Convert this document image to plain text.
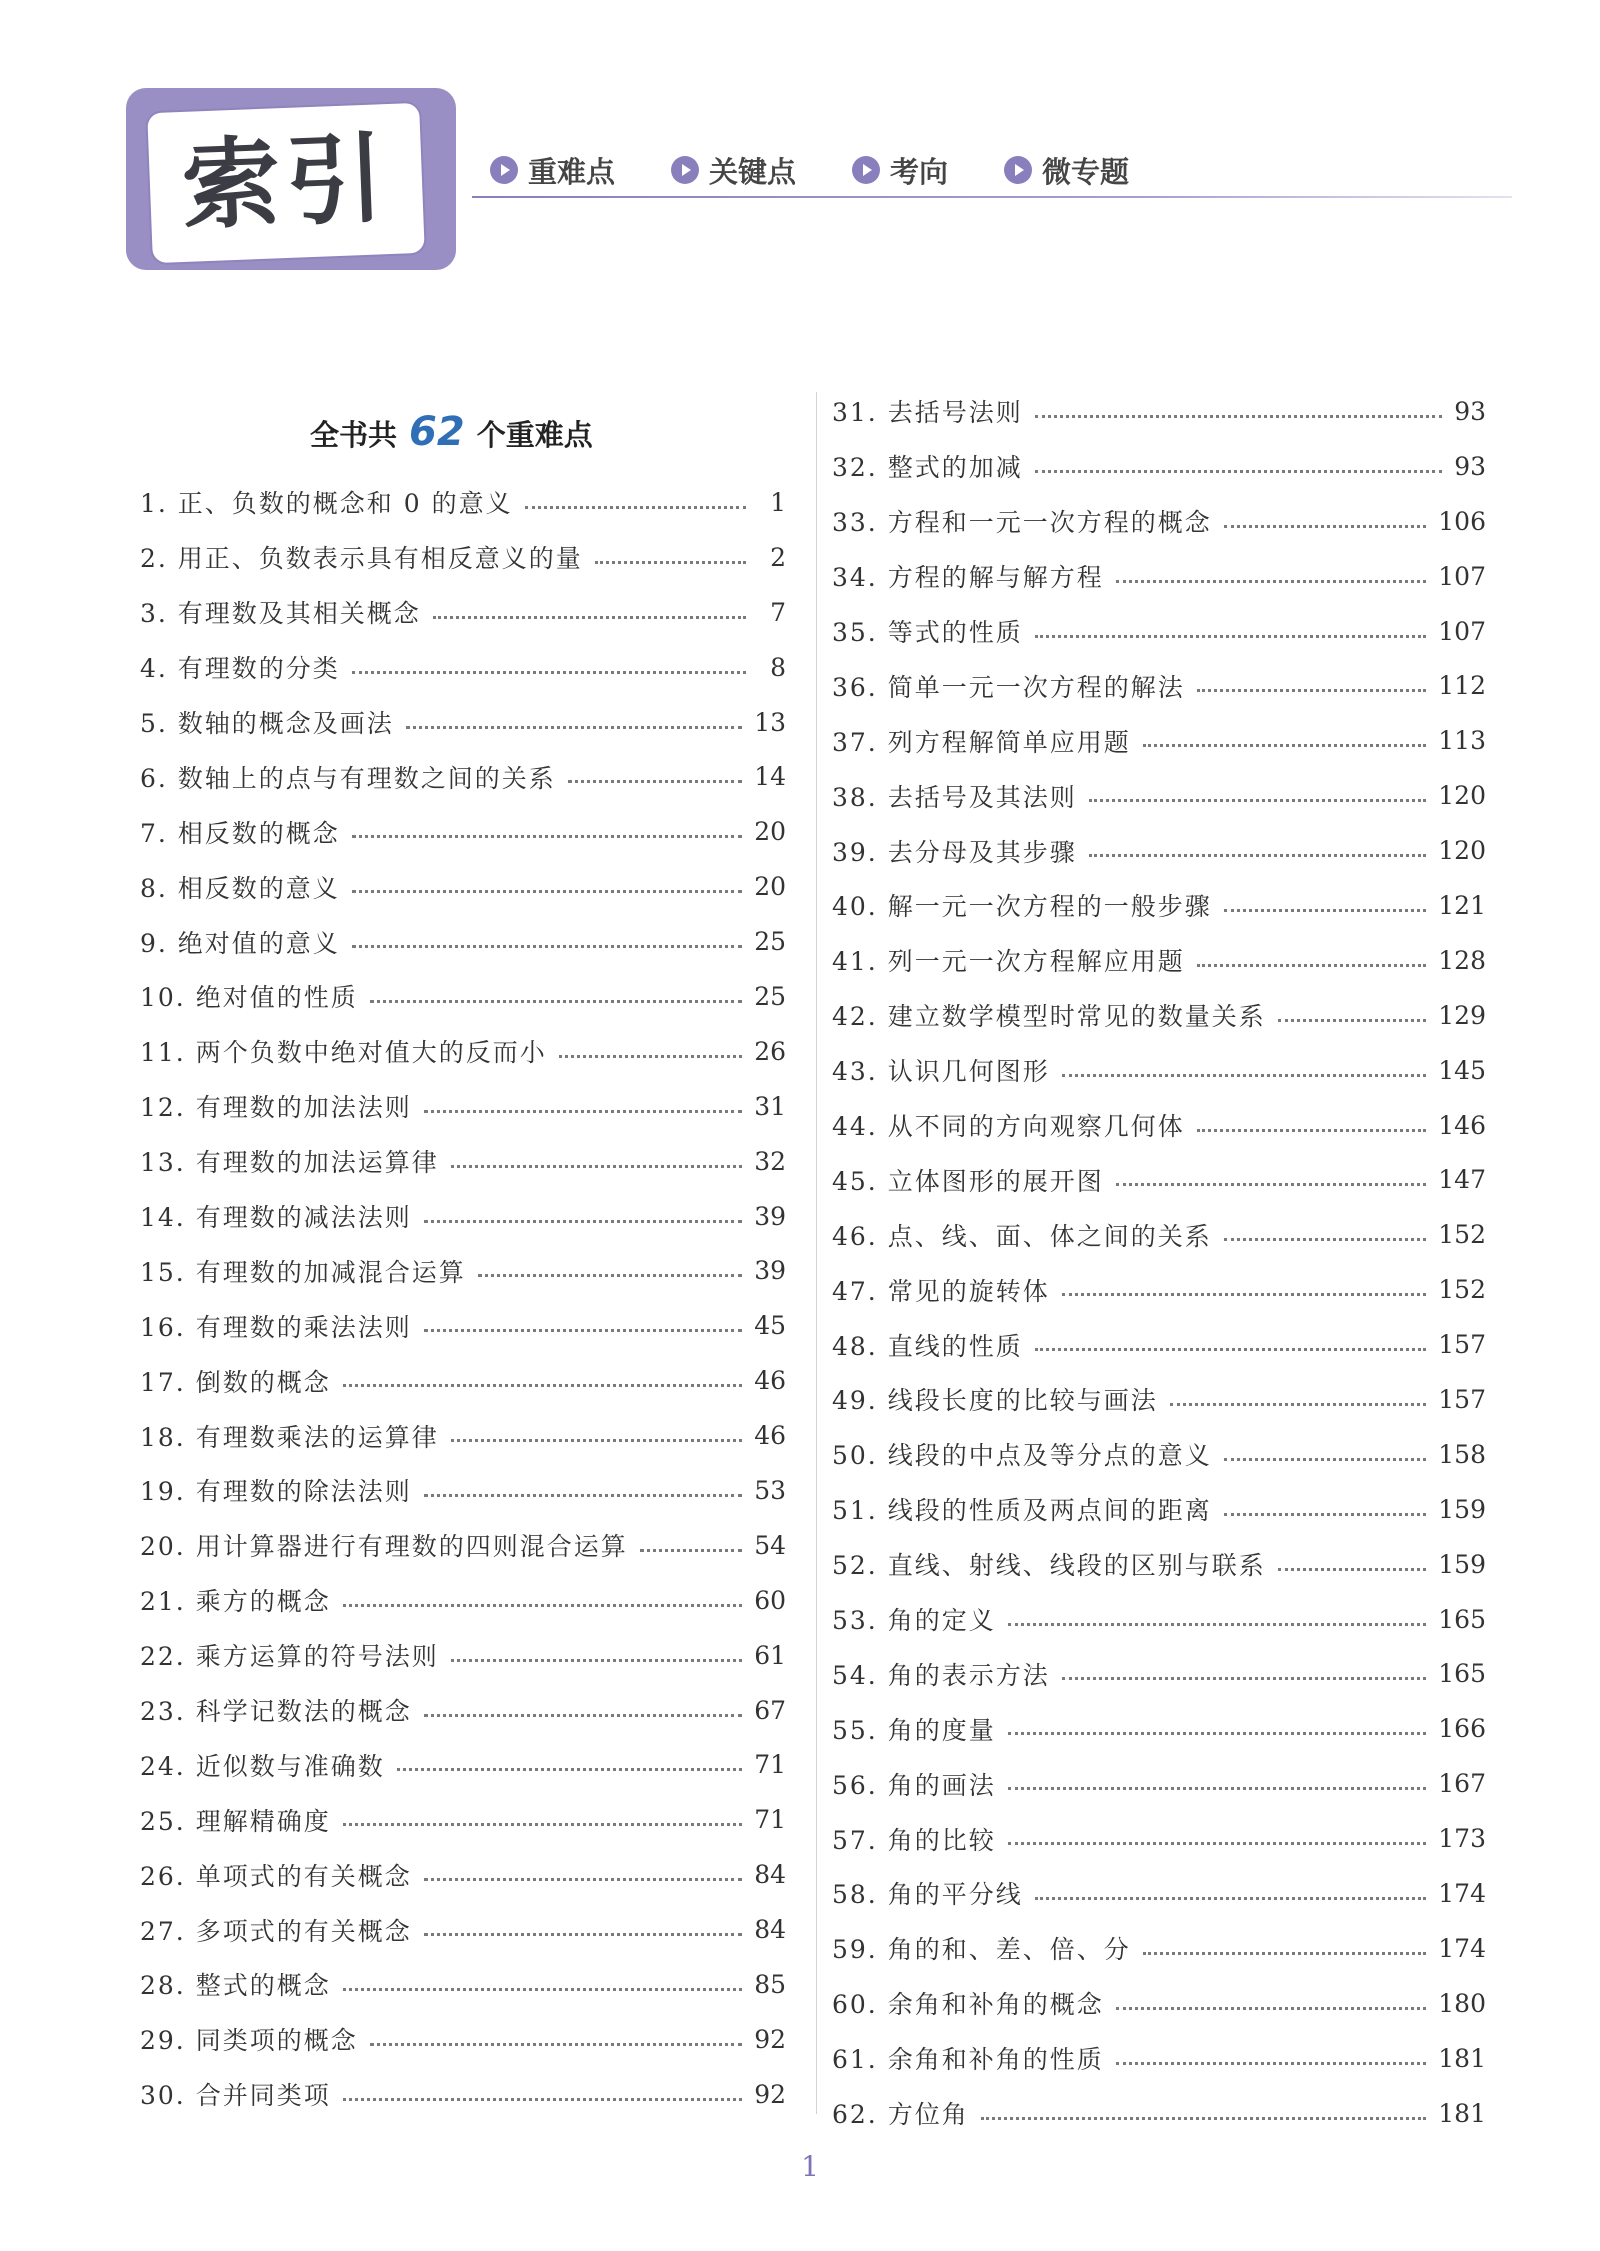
索引	重难点	关键点	考向	微专题
全书共 62 个重难点
1. 正、负数的概念和 0 的意义	1
2. 用正、负数表示具有相反意义的量	2
3. 有理数及其相关概念	7
4. 有理数的分类	8
5. 数轴的概念及画法	13
6. 数轴上的点与有理数之间的关系	14
7. 相反数的概念	20
8. 相反数的意义	20
9. 绝对值的意义	25
10. 绝对值的性质	25
11. 两个负数中绝对值大的反而小	26
12. 有理数的加法法则	31
13. 有理数的加法运算律	32
14. 有理数的减法法则	39
15. 有理数的加减混合运算	39
16. 有理数的乘法法则	45
17. 倒数的概念	46
18. 有理数乘法的运算律	46
19. 有理数的除法法则	53
20. 用计算器进行有理数的四则混合运算	54
21. 乘方的概念	60
22. 乘方运算的符号法则	61
23. 科学记数法的概念	67
24. 近似数与准确数	71
25. 理解精确度	71
26. 单项式的有关概念	84
27. 多项式的有关概念	84
28. 整式的概念	85
29. 同类项的概念	92
30. 合并同类项	92
31. 去括号法则	93
32. 整式的加减	93
33. 方程和一元一次方程的概念	106
34. 方程的解与解方程	107
35. 等式的性质	107
36. 简单一元一次方程的解法	112
37. 列方程解简单应用题	113
38. 去括号及其法则	120
39. 去分母及其步骤	120
40. 解一元一次方程的一般步骤	121
41. 列一元一次方程解应用题	128
42. 建立数学模型时常见的数量关系	129
43. 认识几何图形	145
44. 从不同的方向观察几何体	146
45. 立体图形的展开图	147
46. 点、线、面、体之间的关系	152
47. 常见的旋转体	152
48. 直线的性质	157
49. 线段长度的比较与画法	157
50. 线段的中点及等分点的意义	158
51. 线段的性质及两点间的距离	159
52. 直线、射线、线段的区别与联系	159
53. 角的定义	165
54. 角的表示方法	165
55. 角的度量	166
56. 角的画法	167
57. 角的比较	173
58. 角的平分线	174
59. 角的和、差、倍、分	174
60. 余角和补角的概念	180
61. 余角和补角的性质	181
62. 方位角	181
1
